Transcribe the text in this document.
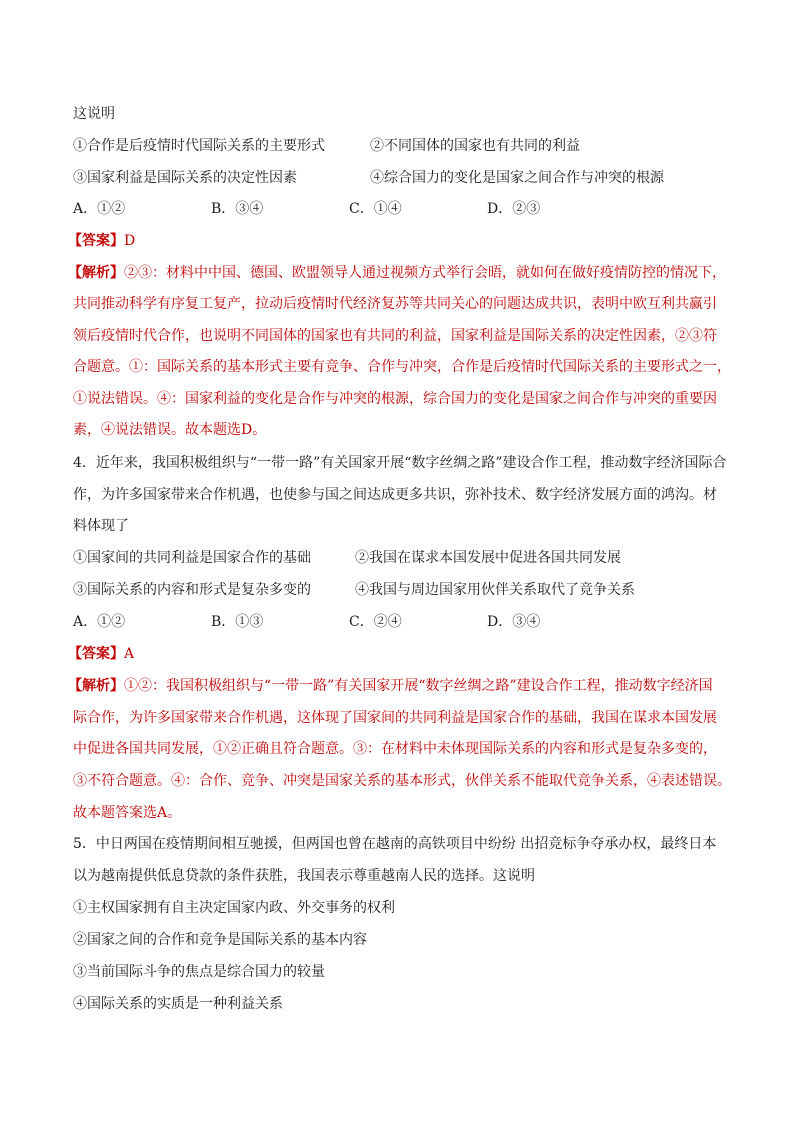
这说明
①合作是后疫情时代国际关系的主要形式	②不同国体的国家也有共同的利益
③国家利益是国际关系的决定性因素	④综合国力的变化是国家之间合作与冲突的根源
A．①②	B．③④	C．①④	D．②③
【答案】D
【解析】②③：材料中中国、德国、欧盟领导人通过视频方式举行会晤，就如何在做好疫情防控的情况下，
共同推动科学有序复工复产，拉动后疫情时代经济复苏等共同关心的问题达成共识，表明中欧互利共赢引
领后疫情时代合作，也说明不同国体的国家也有共同的利益，国家利益是国际关系的决定性因素，②③符
合题意。①：国际关系的基本形式主要有竞争、合作与冲突，合作是后疫情时代国际关系的主要形式之一，
①说法错误。④：国家利益的变化是合作与冲突的根源，综合国力的变化是国家之间合作与冲突的重要因
素，④说法错误。故本题选D。
4．近年来，我国积极组织与“一带一路”有关国家开展“数字丝绸之路”建设合作工程，推动数字经济国际合
作，为许多国家带来合作机遇，也使参与国之间达成更多共识，弥补技术、数字经济发展方面的鸿沟。材
料体现了
①国家间的共同利益是国家合作的基础	②我国在谋求本国发展中促进各国共同发展
③国际关系的内容和形式是复杂多变的	④我国与周边国家用伙伴关系取代了竞争关系
A．①②	B．①③	C．②④	D．③④
【答案】A
【解析】①②：我国积极组织与“一带一路”有关国家开展“数字丝绸之路”建设合作工程，推动数字经济国
际合作，为许多国家带来合作机遇，这体现了国家间的共同利益是国家合作的基础，我国在谋求本国发展
中促进各国共同发展，①②正确且符合题意。③：在材料中未体现国际关系的内容和形式是复杂多变的，
③不符合题意。④：合作、竞争、冲突是国家关系的基本形式，伙伴关系不能取代竞争关系，④表述错误。
故本题答案选A。
5．中日两国在疫情期间相互驰援，但两国也曾在越南的高铁项目中纷纷 出招竞标争夺承办权，最终日本
以为越南提供低息贷款的条件获胜，我国表示尊重越南人民的选择。这说明
①主权国家拥有自主决定国家内政、外交事务的权利
②国家之间的合作和竞争是国际关系的基本内容
③当前国际斗争的焦点是综合国力的较量
④国际关系的实质是一种利益关系
